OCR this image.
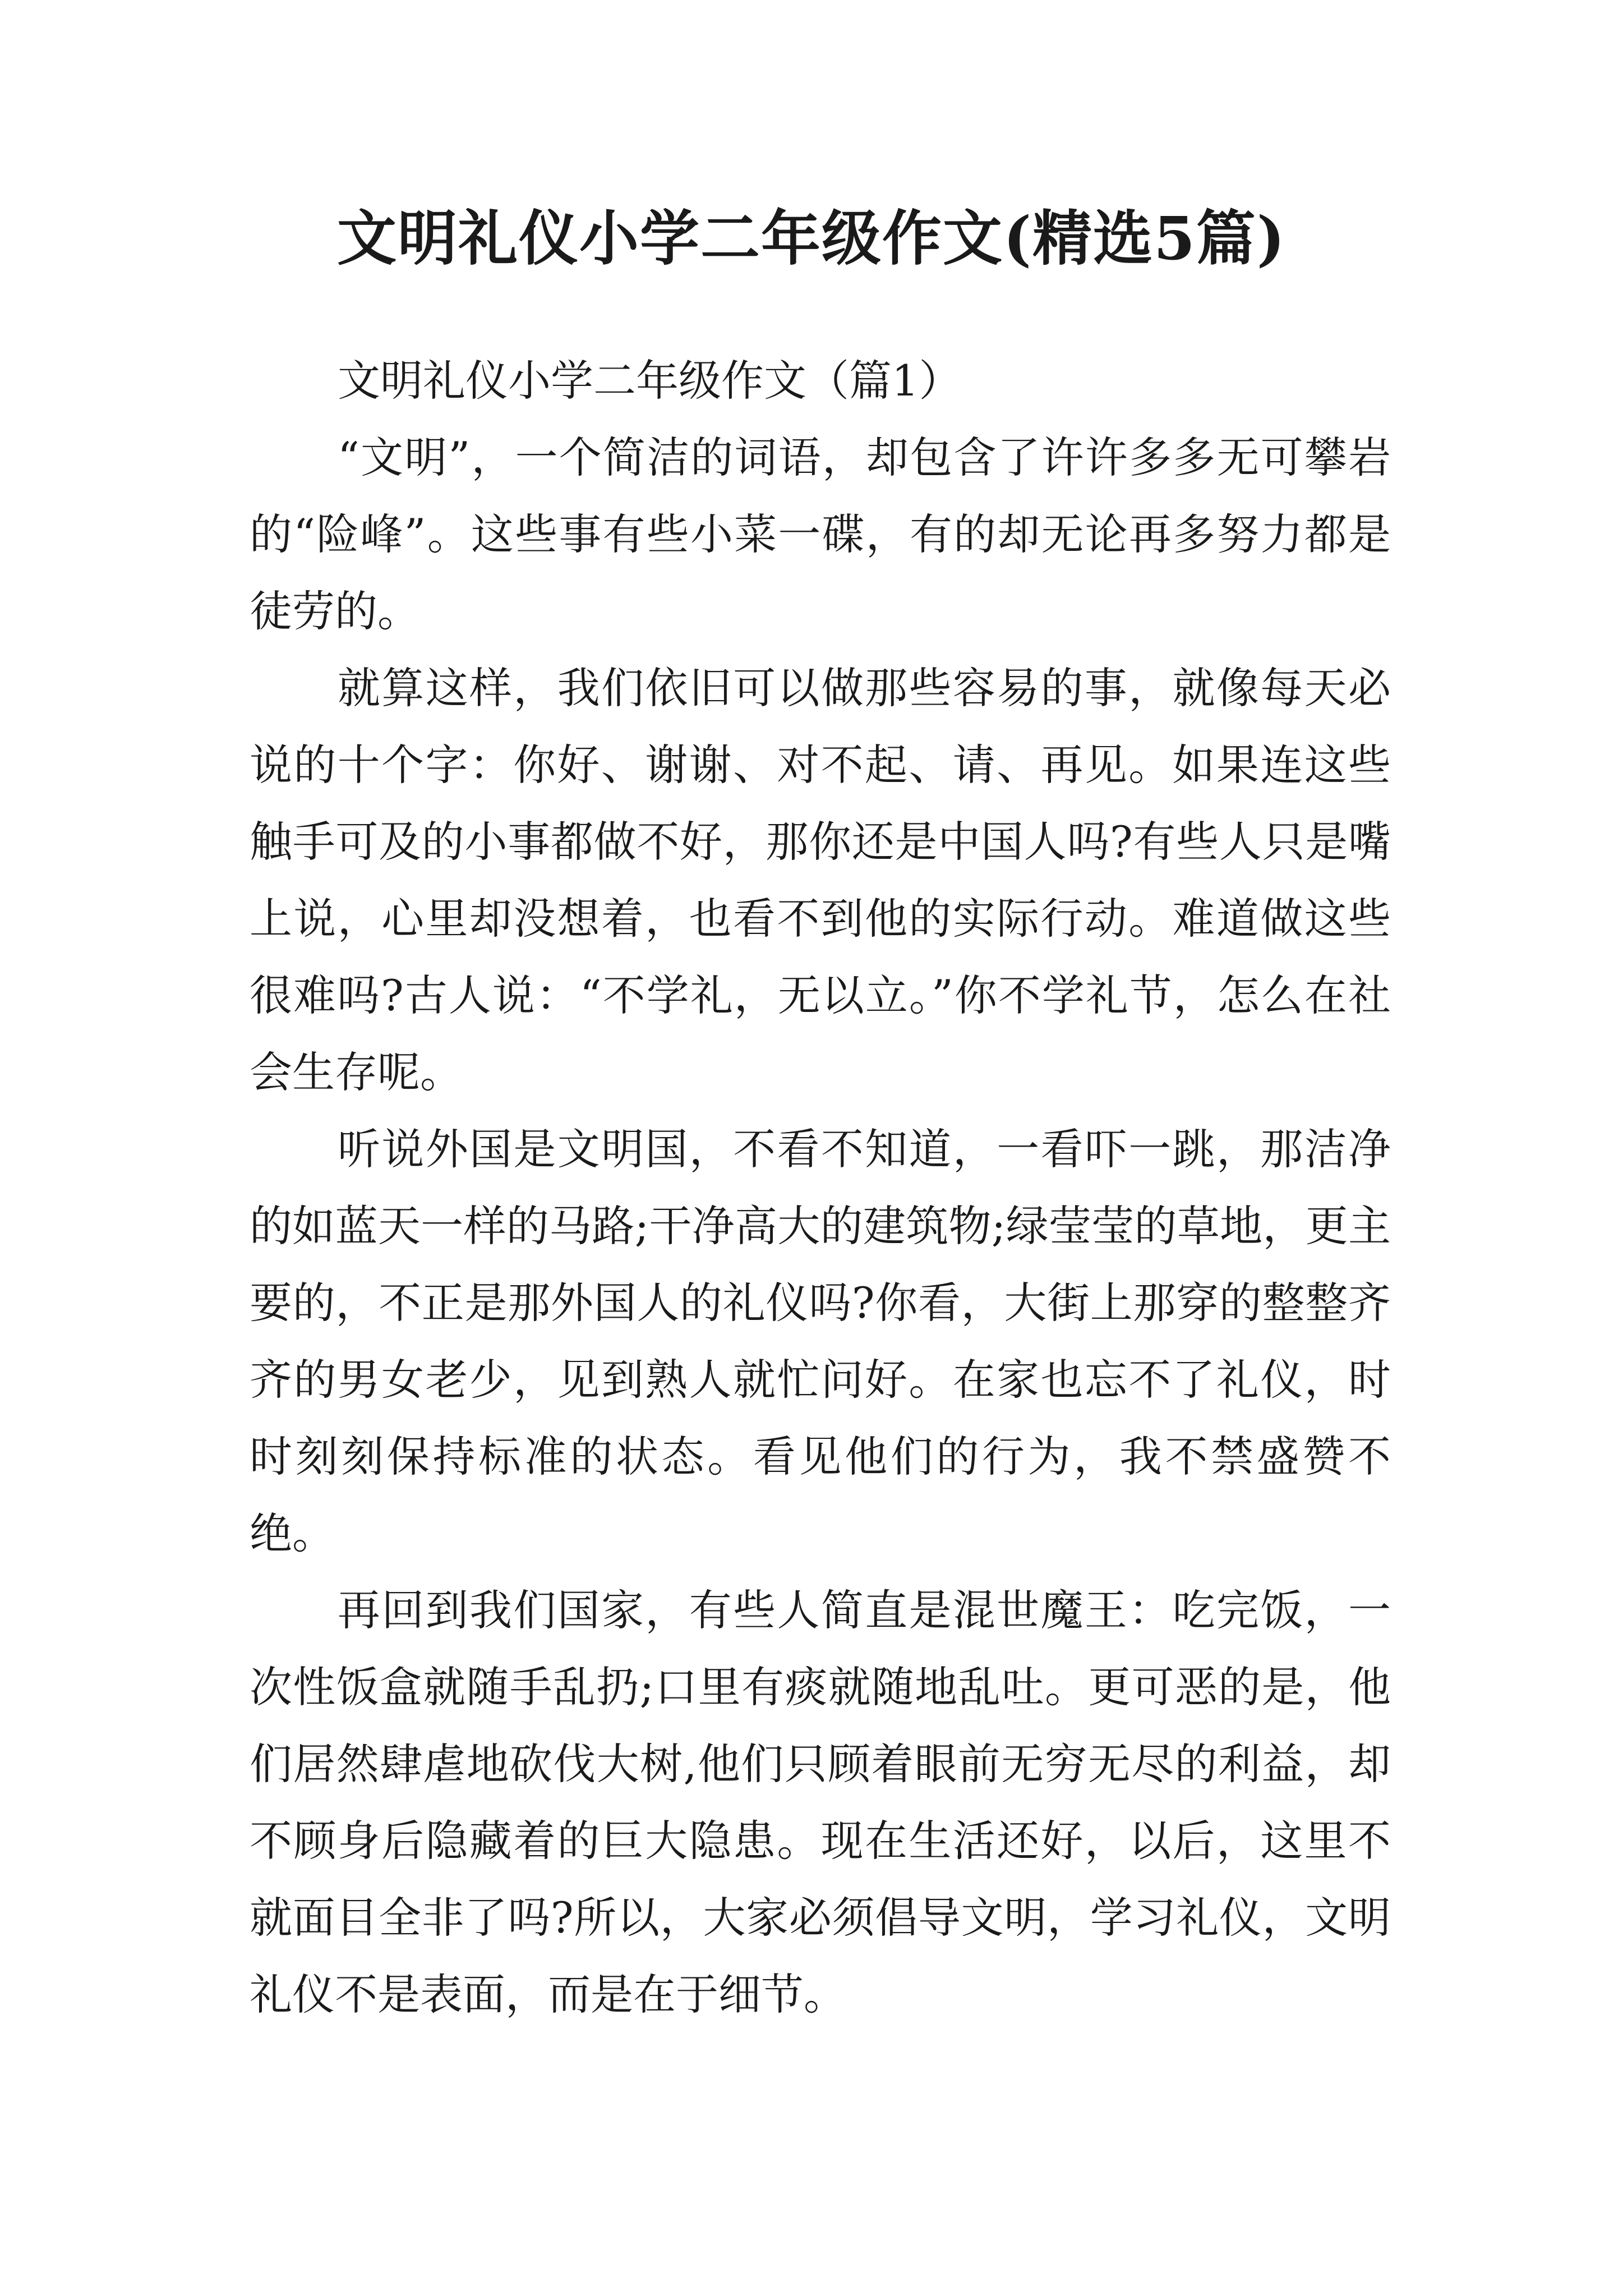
文明礼仪小学二年级作文(精选5篇)
文明礼仪小学二年级作文（篇1）

“文明”，一个简洁的词语，却包含了许许多多无可攀岩的“险峰”。这些事有些小菜一碟，有的却无论再多努力都是徒劳的。

就算这样，我们依旧可以做那些容易的事，就像每天必说的十个字：你好、谢谢、对不起、请、再见。如果连这些触手可及的小事都做不好，那你还是中国人吗?有些人只是嘴上说，心里却没想着，也看不到他的实际行动。难道做这些很难吗?古人说：“不学礼，无以立。”你不学礼节，怎么在社会生存呢。

听说外国是文明国，不看不知道，一看吓一跳，那洁净的如蓝天一样的马路;干净高大的建筑物;绿莹莹的草地，更主要的，不正是那外国人的礼仪吗?你看，大街上那穿的整整齐齐的男女老少，见到熟人就忙问好。在家也忘不了礼仪，时时刻刻保持标准的状态。看见他们的行为，我不禁盛赞不绝。

再回到我们国家，有些人简直是混世魔王：吃完饭，一次性饭盒就随手乱扔;口里有痰就随地乱吐。更可恶的是，他们居然肆虐地砍伐大树,他们只顾着眼前无穷无尽的利益，却不顾身后隐藏着的巨大隐患。现在生活还好，以后，这里不就面目全非了吗?所以，大家必须倡导文明，学习礼仪，文明礼仪不是表面，而是在于细节。
